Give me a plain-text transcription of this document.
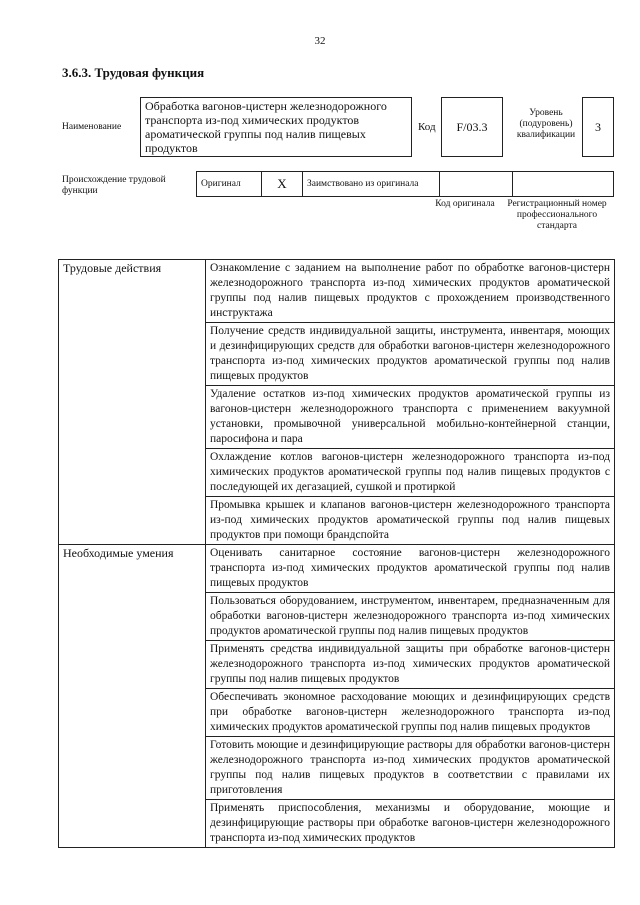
32
3.6.3. Трудовая функция
Наименование
Обработка вагонов-цистерн железнодорожного транспорта из-под химических продуктов ароматической группы под налив пищевых продуктов
Код	F/03.3
Уровень (подуровень) квалификации
3
Происхождение трудовой функции
Оригинал	X	Заимствовано из оригинала		
Код оригинала	Регистрационный номер профессионального стандарта
Трудовые действия	Ознакомление с заданием на выполнение работ по обработке вагонов-цистерн железнодорожного транспорта из-под химических продуктов ароматической группы под налив пищевых продуктов с прохождением производственного инструктажа
	Получение средств индивидуальной защиты, инструмента, инвентаря, моющих и дезинфицирующих средств для обработки вагонов-цистерн железнодорожного транспорта из-под химических продуктов ароматической группы под налив пищевых продуктов
	Удаление остатков из-под химических продуктов ароматической группы из вагонов-цистерн железнодорожного транспорта с применением вакуумной установки, промывочной универсальной мобильно-контейнерной станции, паросифона и пара
	Охлаждение котлов вагонов-цистерн железнодорожного транспорта из-под химических продуктов ароматической группы под налив пищевых продуктов с последующей их дегазацией, сушкой и протиркой
	Промывка крышек и клапанов вагонов-цистерн железнодорожного транспорта из-под химических продуктов ароматической группы под налив пищевых продуктов при помощи брандспойта
Необходимые умения	Оценивать санитарное состояние вагонов-цистерн железнодорожного транспорта из-под химических продуктов ароматической группы под налив пищевых продуктов
	Пользоваться оборудованием, инструментом, инвентарем, предназначенным для обработки вагонов-цистерн железнодорожного транспорта из-под химических продуктов ароматической группы под налив пищевых продуктов
	Применять средства индивидуальной защиты при обработке вагонов-цистерн железнодорожного транспорта из-под химических продуктов ароматической группы под налив пищевых продуктов
	Обеспечивать экономное расходование моющих и дезинфицирующих средств при обработке вагонов-цистерн железнодорожного транспорта из-под химических продуктов ароматической группы под налив пищевых продуктов
	Готовить моющие и дезинфицирующие растворы для обработки вагонов-цистерн железнодорожного транспорта из-под химических продуктов ароматической группы под налив пищевых продуктов в соответствии с правилами их приготовления
	Применять приспособления, механизмы и оборудование, моющие и дезинфицирующие растворы при обработке вагонов-цистерн железнодорожного транспорта из-под химических продуктов
